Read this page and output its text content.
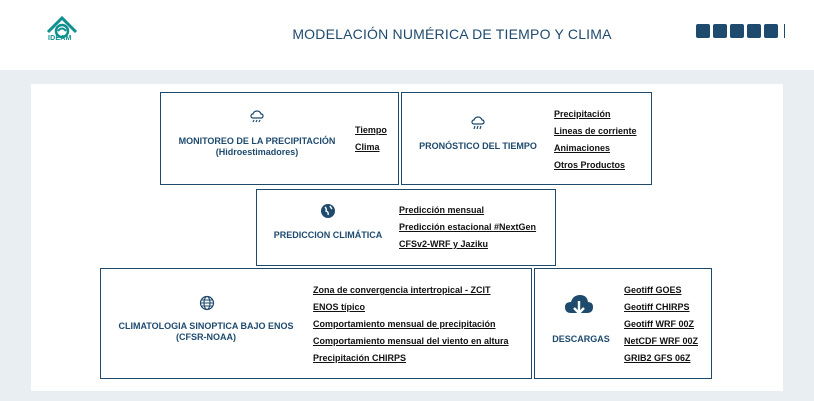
IDEAM	MODELACIÓN NUMÉRICA DE TIEMPO Y CLIMA
MONITOREO DE LA PRECIPITACIÓN
(Hidroestimadores)
Tiempo
Clima	PRONÓSTICO DEL TIEMPO
Precipitación
Lineas de corriente
Animaciones
Otros Productos
PREDICCION CLIMÁTICA
Predicción mensual
Predicción estacional #NextGen
CFSv2-WRF y Jaziku
CLIMATOLOGIA SINOPTICA BAJO ENOS
(CFSR-NOAA)
Zona de convergencia intertropical - ZCIT
ENOS típico
Comportamiento mensual de precipitación
Comportamiento mensual del viento en altura
Precipitación CHIRPS
DESCARGAS
Geotiff GOES
Geotiff CHIRPS
Geotiff WRF 00Z
NetCDF WRF 00Z
GRIB2 GFS 06Z
